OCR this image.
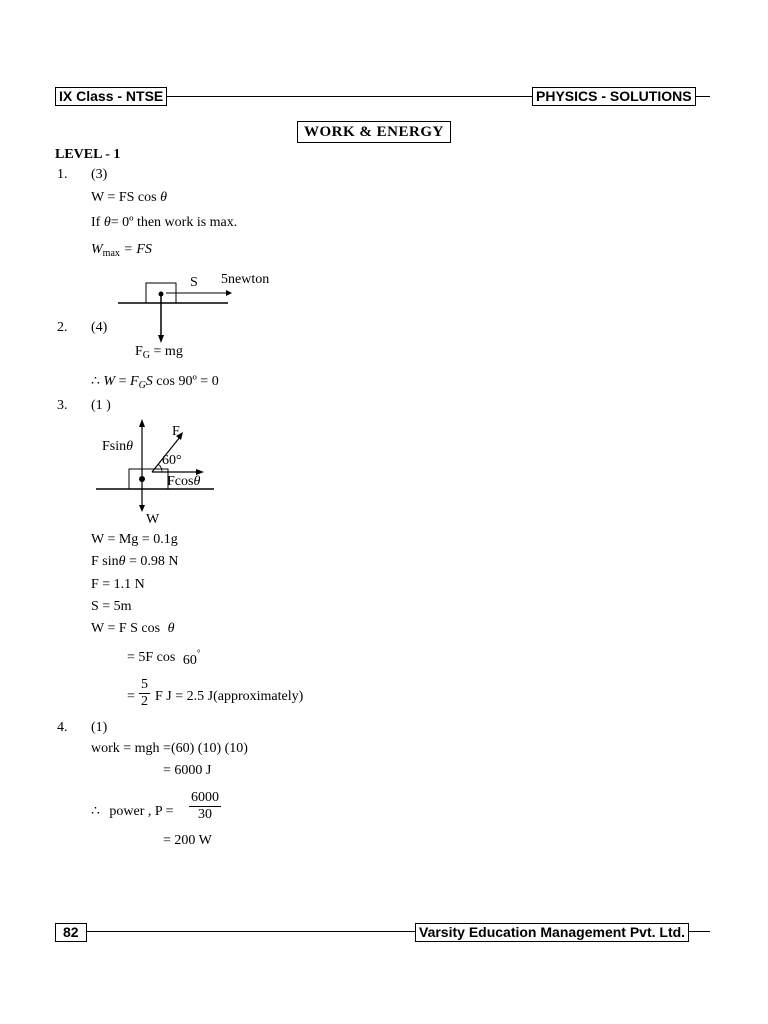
IX Class - NTSE	PHYSICS - SOLUTIONS
WORK & ENERGY
LEVEL - 1
1. (3)
W = FS cos θ
If θ= 0º then work is max.
$W_{max}$ = FS
S 5newton
2. (4)
$F_G$ = mg
∴ $W = F_GS$ cos 90º = 0
3. (1 )
F
Fsinθ
60°
Fcosθ
W
W = Mg = 0.1g
F sinθ = 0.98 N
F = 1.1 N
S = 5m
W = F S cos θ
= 5F cos 60°
=
5
2 F J = 2.5 J(approximately)
4. (1)
work = mgh =(60) (10) (10)
= 6000 J
∴ power , P =
6000
30
= 200 W
82	Varsity Education Management Pvt. Ltd.
